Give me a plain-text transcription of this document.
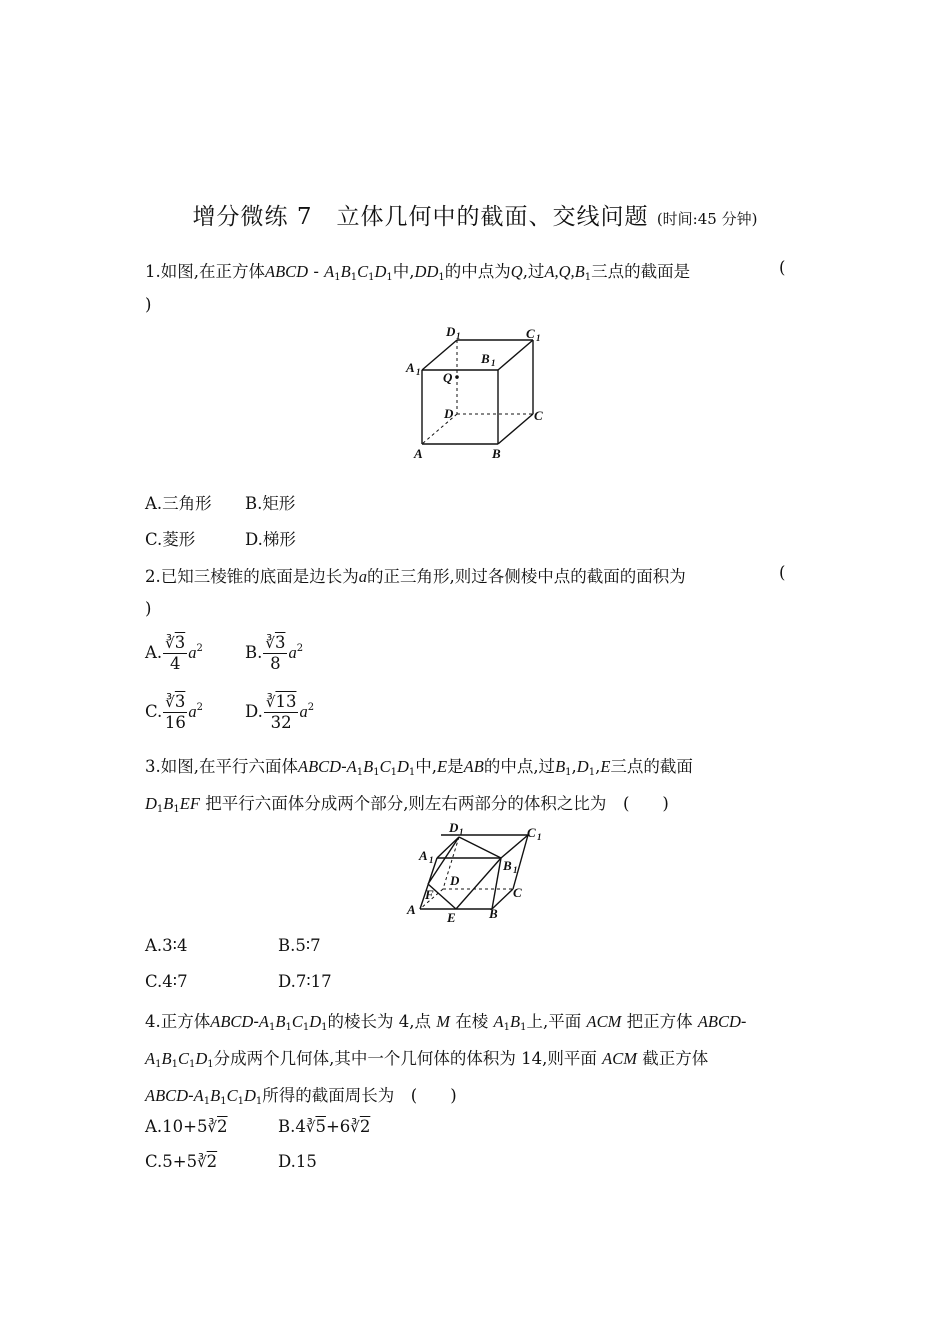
增分微练 7　立体几何中的截面、交线问题 (时间:45 分钟)
1.如图,在正方体ABCD - $A_1B_1C_1D_1$中$,DD_1$的中点为Q,过$A,Q,B_1$三点的截面是	(
)
D 1	C 1
A 1
B 1
Q
D	C
A	B
A.三角形 B.矩形
C.菱形	D.梯形
2.已知三棱锥的底面是边长为a的正三角形,则过各侧棱中点的截面的面积为	(
)
A. $\frac{∛3}{4} a^2$	B. $\frac{∛3}{8} a^2$
C. $\frac{∛3}{16} a^2$	D. $\frac{∛13}{32} a^2$
3.如图,在平行六面体ABCD-$A_1B_1C_1D_1$中,E是AB的中点,过$B_1,D_1,E$三点的截面
$D_1B_1EF$ 把平行六面体分成两个部分,则左右两部分的体积之比为　 (　　)
D 1	C 1
A 1	B 1
D
F	C
A
E	B
A.3∶4	B.5∶7
C.4∶7	D.7∶17
4.正方体ABCD-$A_1B_1C_1D_1$的棱长为 4,点 M 在棱 $A_1B_1$上,平面 ACM 把正方体 ABCD-
$A_1B_1C_1D_1$分成两个几何体,其中一个几何体的体积为 14,则平面 ACM 截正方体
ABCD-$A_1B_1C_1D_1$所得的截面周长为　 (　　)
A.10+5∛2	B.4∛5+6∛2
C.5+5∛2	D.15
